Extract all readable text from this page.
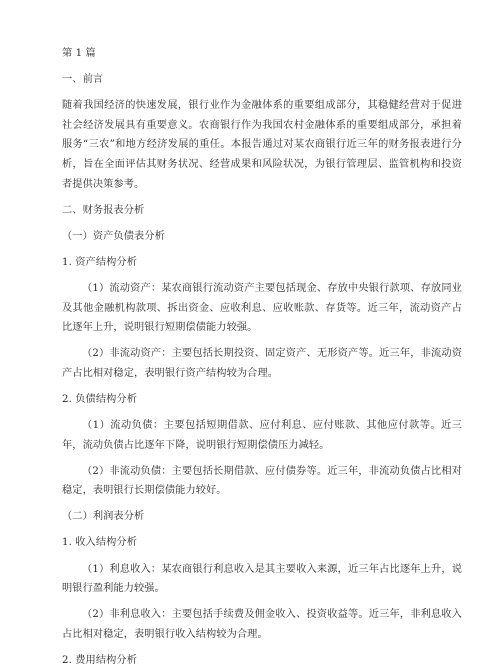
第 1 篇
一、前言
随着我国经济的快速发展，银行业作为金融体系的重要组成部分，其稳健经营对于促进社会经济发展具有重要意义。农商银行作为我国农村金融体系的重要组成部分，承担着服务“三农”和地方经济发展的重任。本报告通过对某农商银行近三年的财务报表进行分析，旨在全面评估其财务状况、经营成果和风险状况，为银行管理层、监管机构和投资者提供决策参考。
二、财务报表分析
（一）资产负债表分析
1. 资产结构分析
（1）流动资产：某农商银行流动资产主要包括现金、存放中央银行款项、存放同业及其他金融机构款项、拆出资金、应收利息、应收账款、存货等。近三年，流动资产占比逐年上升，说明银行短期偿债能力较强。
（2）非流动资产：主要包括长期投资、固定资产、无形资产等。近三年，非流动资产占比相对稳定，表明银行资产结构较为合理。
2. 负债结构分析
（1）流动负债：主要包括短期借款、应付利息、应付账款、其他应付款等。近三年，流动负债占比逐年下降，说明银行短期偿债压力减轻。
（2）非流动负债：主要包括长期借款、应付债券等。近三年，非流动负债占比相对稳定，表明银行长期偿债能力较好。
（二）利润表分析
1. 收入结构分析
（1）利息收入：某农商银行利息收入是其主要收入来源，近三年占比逐年上升，说明银行盈利能力较强。
（2）非利息收入：主要包括手续费及佣金收入、投资收益等。近三年，非利息收入占比相对稳定，表明银行收入结构较为合理。
2. 费用结构分析
